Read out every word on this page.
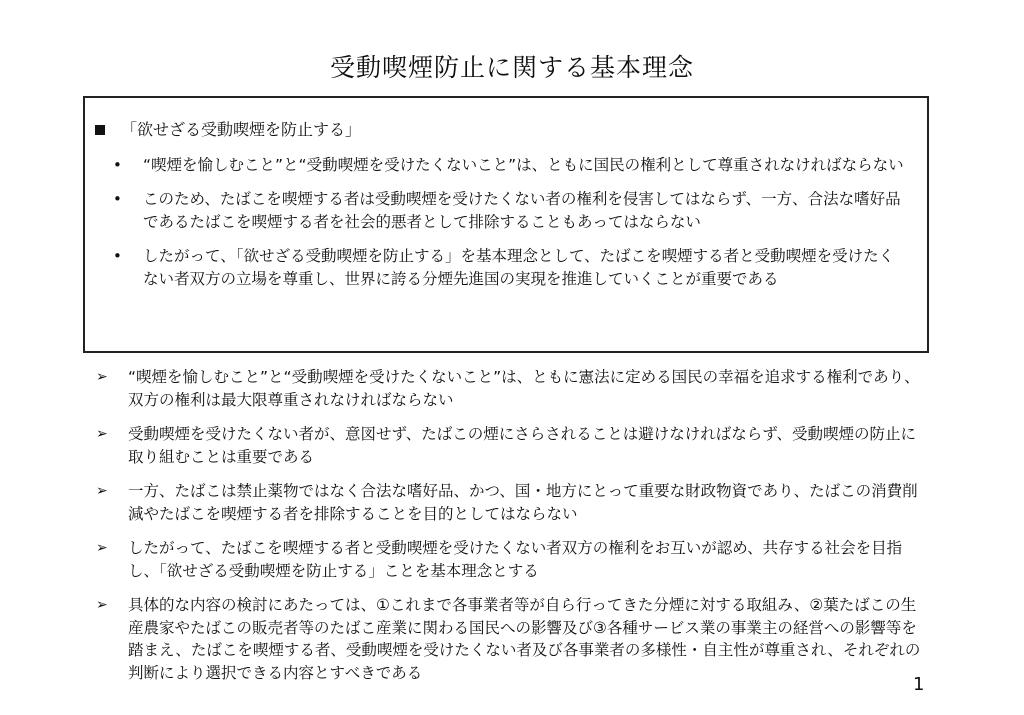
受動喫煙防止に関する基本理念
「欲せざる受動喫煙を防止する」
• “喫煙を愉しむこと”と“受動喫煙を受けたくないこと”は、ともに国民の権利として尊重されなければならない
• このため、たばこを喫煙する者は受動喫煙を受けたくない者の権利を侵害してはならず、一方、合法な嗜好品であるたばこを喫煙する者を社会的悪者として排除することもあってはならない
• したがって、「欲せざる受動喫煙を防止する」を基本理念として、たばこを喫煙する者と受動喫煙を受けたくない者双方の立場を尊重し、世界に誇る分煙先進国の実現を推進していくことが重要である
➢ “喫煙を愉しむこと”と“受動喫煙を受けたくないこと”は、ともに憲法に定める国民の幸福を追求する権利であり、双方の権利は最大限尊重されなければならない
➢ 受動喫煙を受けたくない者が、意図せず、たばこの煙にさらされることは避けなければならず、受動喫煙の防止に取り組むことは重要である
➢ 一方、たばこは禁止薬物ではなく合法な嗜好品、かつ、国・地方にとって重要な財政物資であり、たばこの消費削減やたばこを喫煙する者を排除することを目的としてはならない
➢ したがって、たばこを喫煙する者と受動喫煙を受けたくない者双方の権利をお互いが認め、共存する社会を目指し、「欲せざる受動喫煙を防止する」ことを基本理念とする
➢ 具体的な内容の検討にあたっては、①これまで各事業者等が自ら行ってきた分煙に対する取組み、②葉たばこの生産農家やたばこの販売者等のたばこ産業に関わる国民への影響及び③各種サービス業の事業主の経営への影響等を踏まえ、たばこを喫煙する者、受動喫煙を受けたくない者及び各事業者の多様性・自主性が尊重され、それぞれの判断により選択できる内容とすべきである
1
